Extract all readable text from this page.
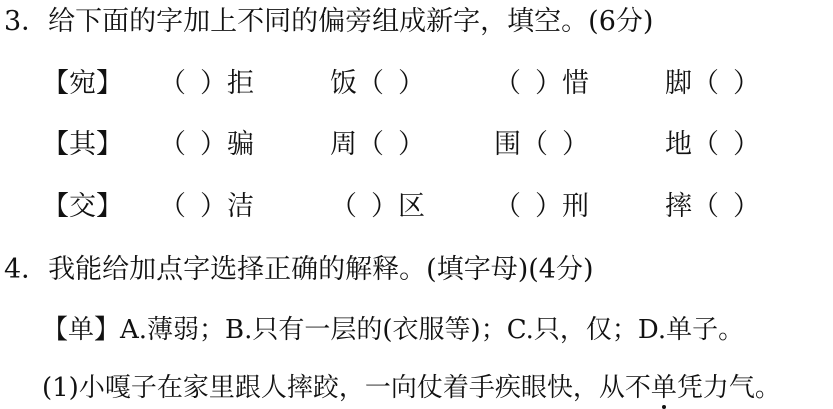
3．给下面的字加上不同的偏旁组成新字，填空。(6分)
【宛】 （ ）拒	饭（ ）	（ ）惜	脚（ ）
【其】 （ ）骗	周（ ）	围（ ）	地（ ）
【交】 （ ）洁	（ ）区	（ ）刑	摔（ ）
4．我能给加点字选择正确的解释。(填字母)(4分)
【单】A.薄弱；B.只有一层的(衣服等)；C.只，仅；D.单子。
(1)小嘎子在家里跟人摔跤，一向仗着手疾眼快，从不单
凭力气。
